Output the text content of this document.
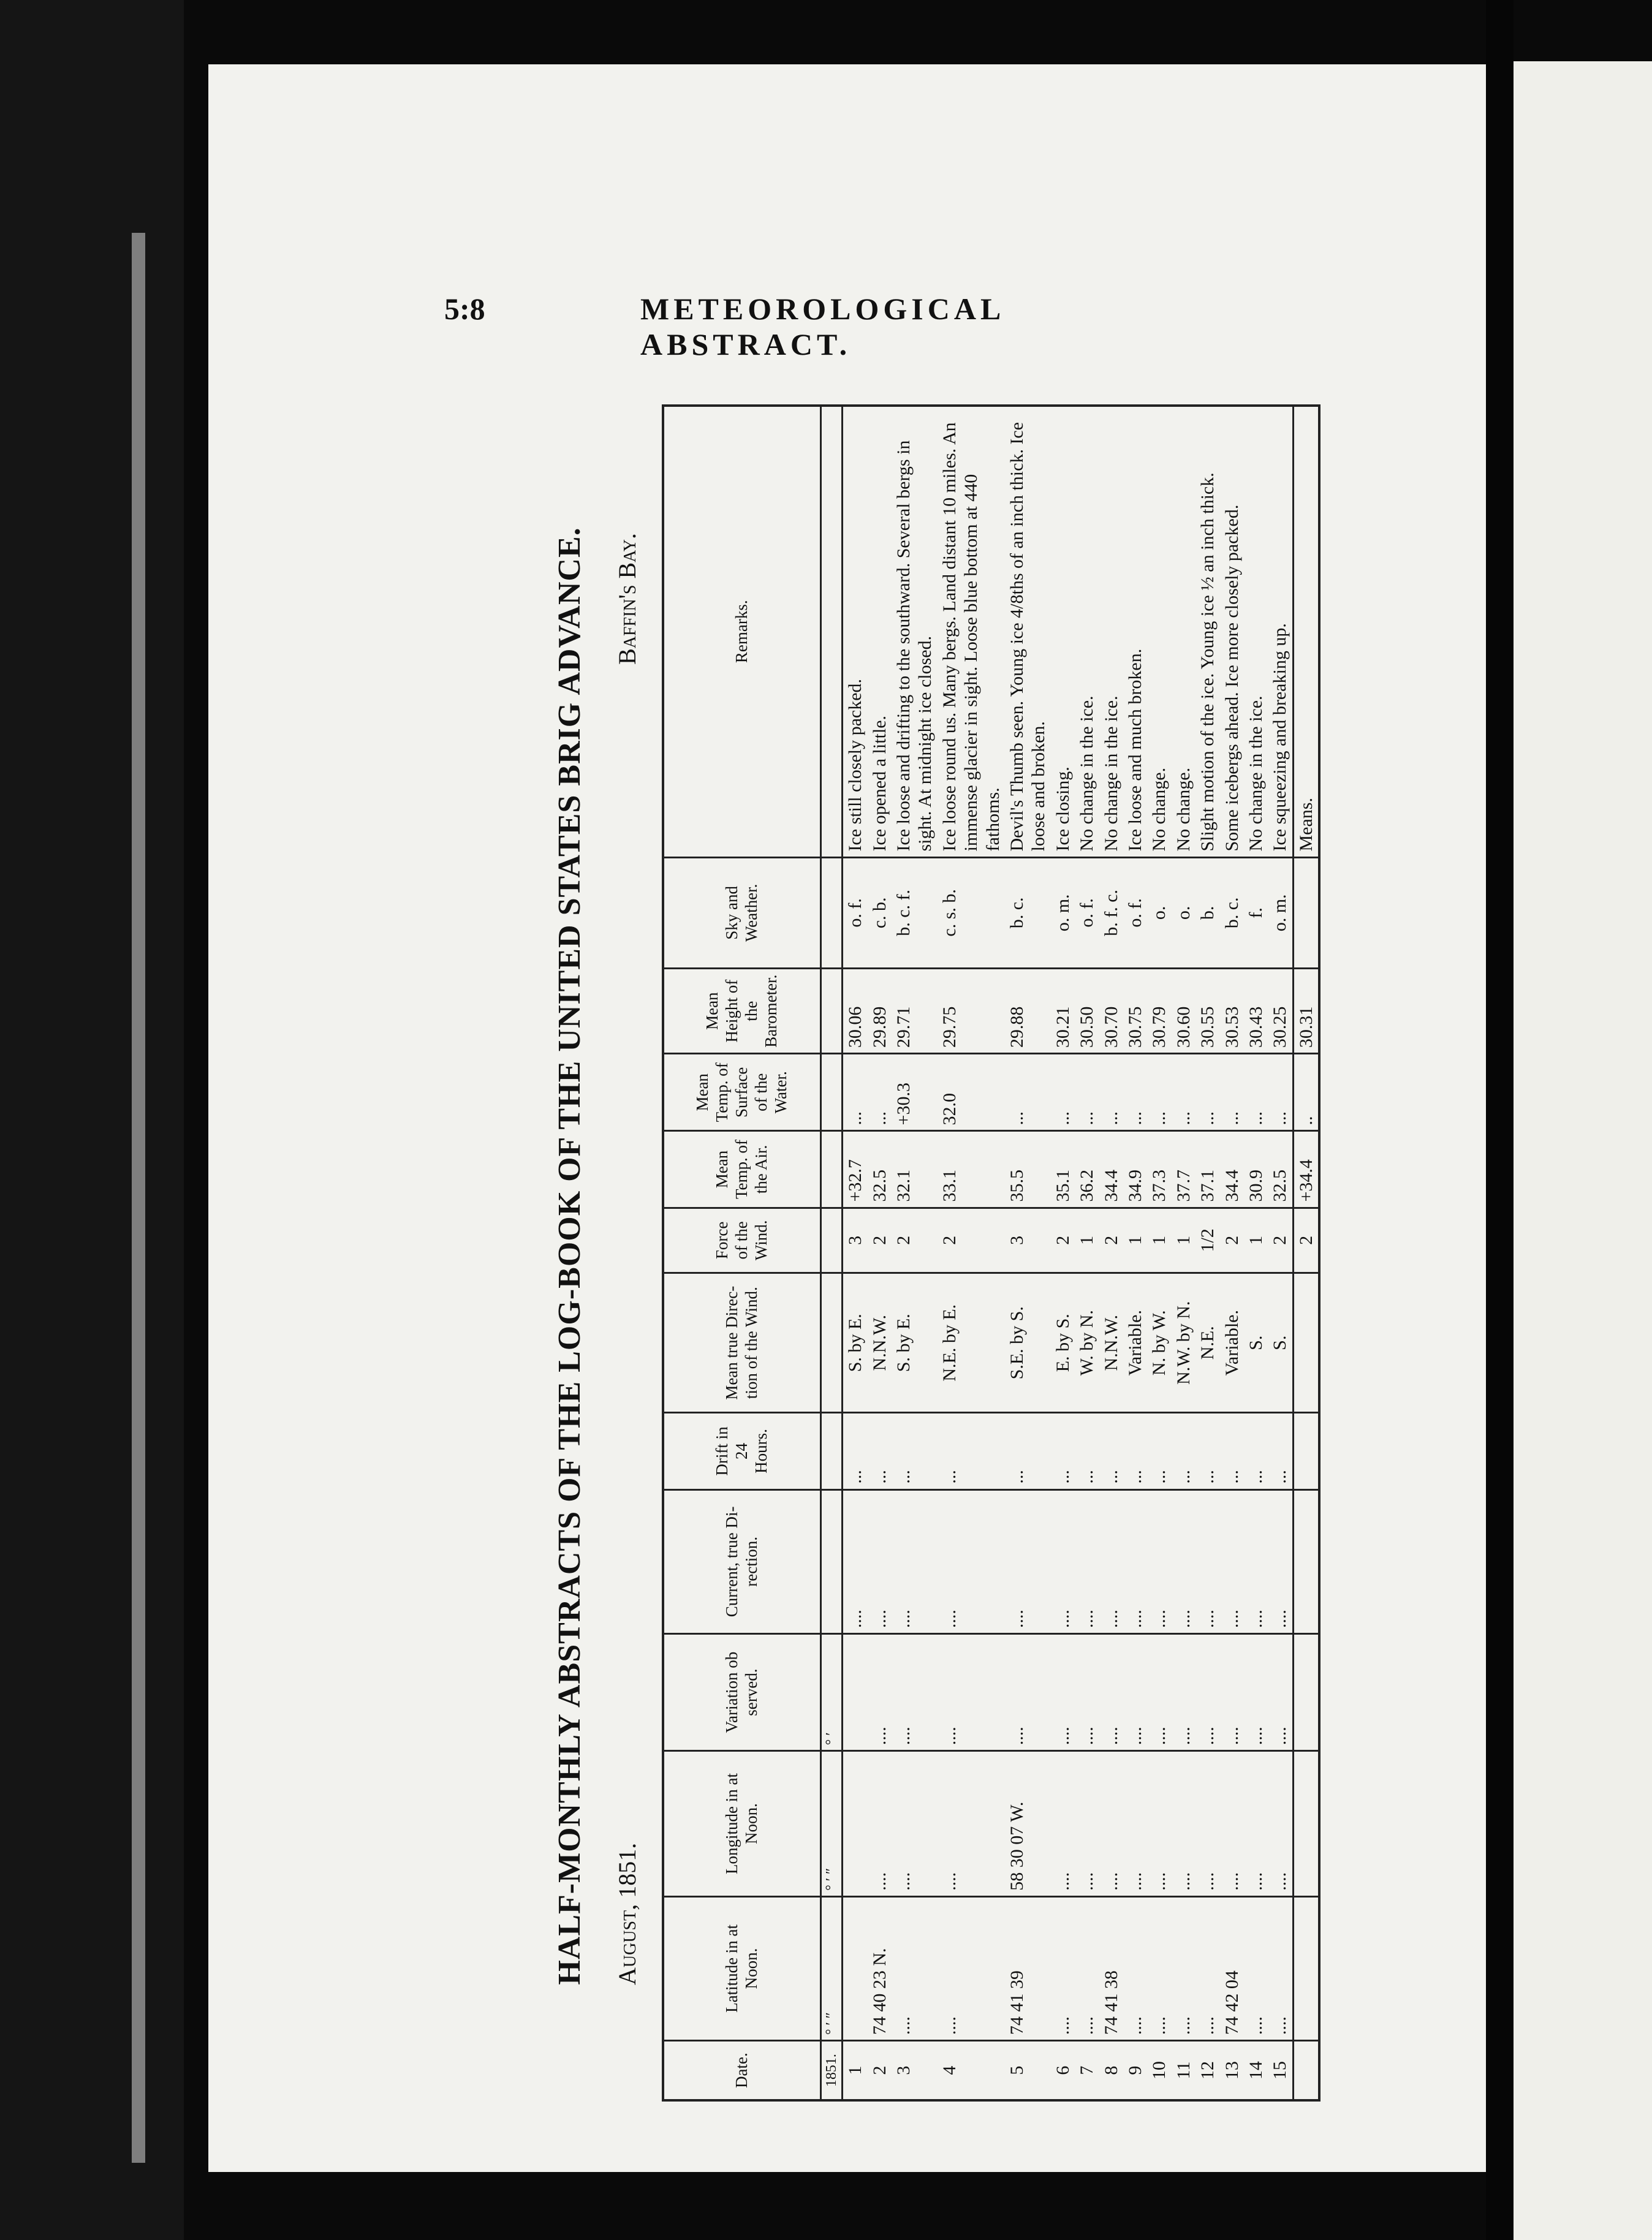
5:8	METEOROLOGICAL ABSTRACT.
HALF-MONTHLY ABSTRACTS OF THE LOG-BOOK OF THE UNITED STATES BRIG ADVANCE. August, 1851.
Baffin's Bay.
Date.	Latitude in at Noon.	Longitude in at Noon.	Variation ob served.	Current, true Di- rection.	Drift in 24 Hours.	Mean true Direc- tion of the Wind.	Force of the Wind.	Mean Temp. of the Air.	Mean Temp. of Surface of the Water.	Mean Height of the Barometer.	Sky and Weather.	Remarks.
1851.	° ′ ″	° ′ ″	° ′									
1				....	...	S. by E.	3	+32.7	...	30.06	o. f.	Ice still closely packed.
2	74 40 23 N.	....	....	....	...	N.N.W.	2	32.5	...	29.89	c. b.	Ice opened a little.
3	....	....	....	....	...	S. by E.	2	32.1	+30.3	29.71	b. c. f.	Ice loose and drifting to the southward. Several bergs in sight. At midnight ice closed.
4	....	....	....	....	...	N.E. by E.	2	33.1	32.0	29.75	c. s. b.	Ice loose round us. Many bergs. Land distant 10 miles. An immense glacier in sight. Loose blue bottom at 440 fathoms.
5	74 41 39	58 30 07 W.	....	....	...	S.E. by S.	3	35.5	...	29.88	b. c.	Devil's Thumb seen. Young ice 4/8ths of an inch thick. Ice loose and broken.
6	....	....	....	....	...	E. by S.	2	35.1	...	30.21	o. m.	Ice closing.
7	....	....	....	....	...	W. by N.	1	36.2	...	30.50	o. f.	No change in the ice.
8	74 41 38	....	....	....	...	N.N.W.	2	34.4	...	30.70	b. f. c.	No change in the ice.
9	....	....	....	....	...	Variable.	1	34.9	...	30.75	o. f.	Ice loose and much broken.
10	....	....	....	....	...	N. by W.	1	37.3	...	30.79	o.	No change.
11	....	....	....	....	...	N.W. by N.	1	37.7	...	30.60	o.	No change.
12	....	....	....	....	...	N.E.	1/2	37.1	...	30.55	b.	Slight motion of the ice. Young ice ½ an inch thick.
13	74 42 04	....	....	....	...	Variable.	2	34.4	...	30.53	b. c.	Some icebergs ahead. Ice more closely packed.
14	....	....	....	....	...	S.	1	30.9	...	30.43	f.	No change in the ice.
15	....	....	....	....	...	S.	2	32.5	...	30.25	o. m.	Ice squeezing and breaking up.
							2	+34.4	..	30.31		Means.
